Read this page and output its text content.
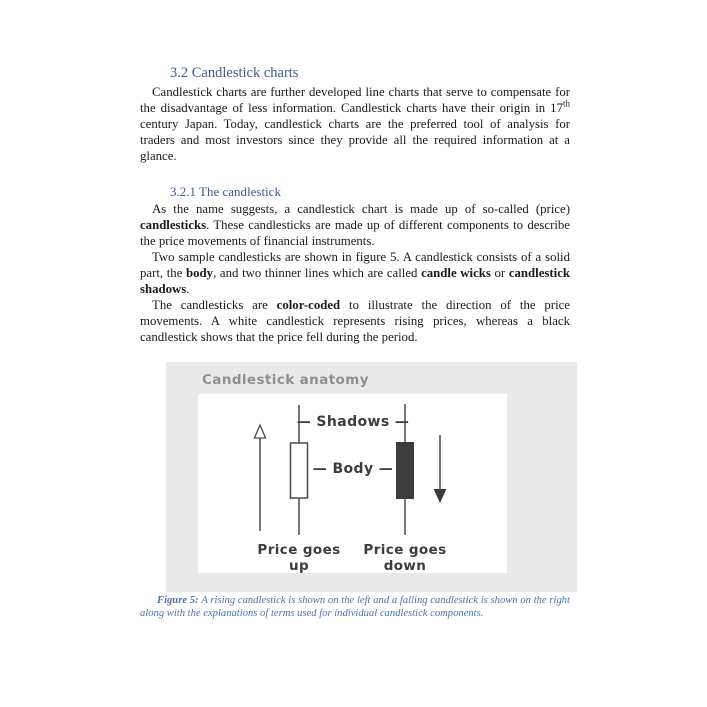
3.2 Candlestick charts

Candlestick charts are further developed line charts that serve to compensate for the disadvantage of less information. Candlestick charts have their origin in 17th century Japan. Today, candlestick charts are the preferred tool of analysis for traders and most investors since they provide all the required information at a glance.

3.2.1 The candlestick

As the name suggests, a candlestick chart is made up of so-called (price) candlesticks. These candlesticks are made up of different components to describe the price movements of financial instruments.

Two sample candlesticks are shown in figure 5. A candlestick consists of a solid part, the body, and two thinner lines which are called candle wicks or candlestick shadows.

The candlesticks are color-coded to illustrate the direction of the price movements. A white candlestick represents rising prices, whereas a black candlestick shows that the price fell during the period.

Candlestick anatomy
— Shadows —
— Body —
Price goes
up
Price goes
down

Figure 5: A rising candlestick is shown on the left and a falling candlestick is shown on the right along with the explanations of terms used for individual candlestick components.
